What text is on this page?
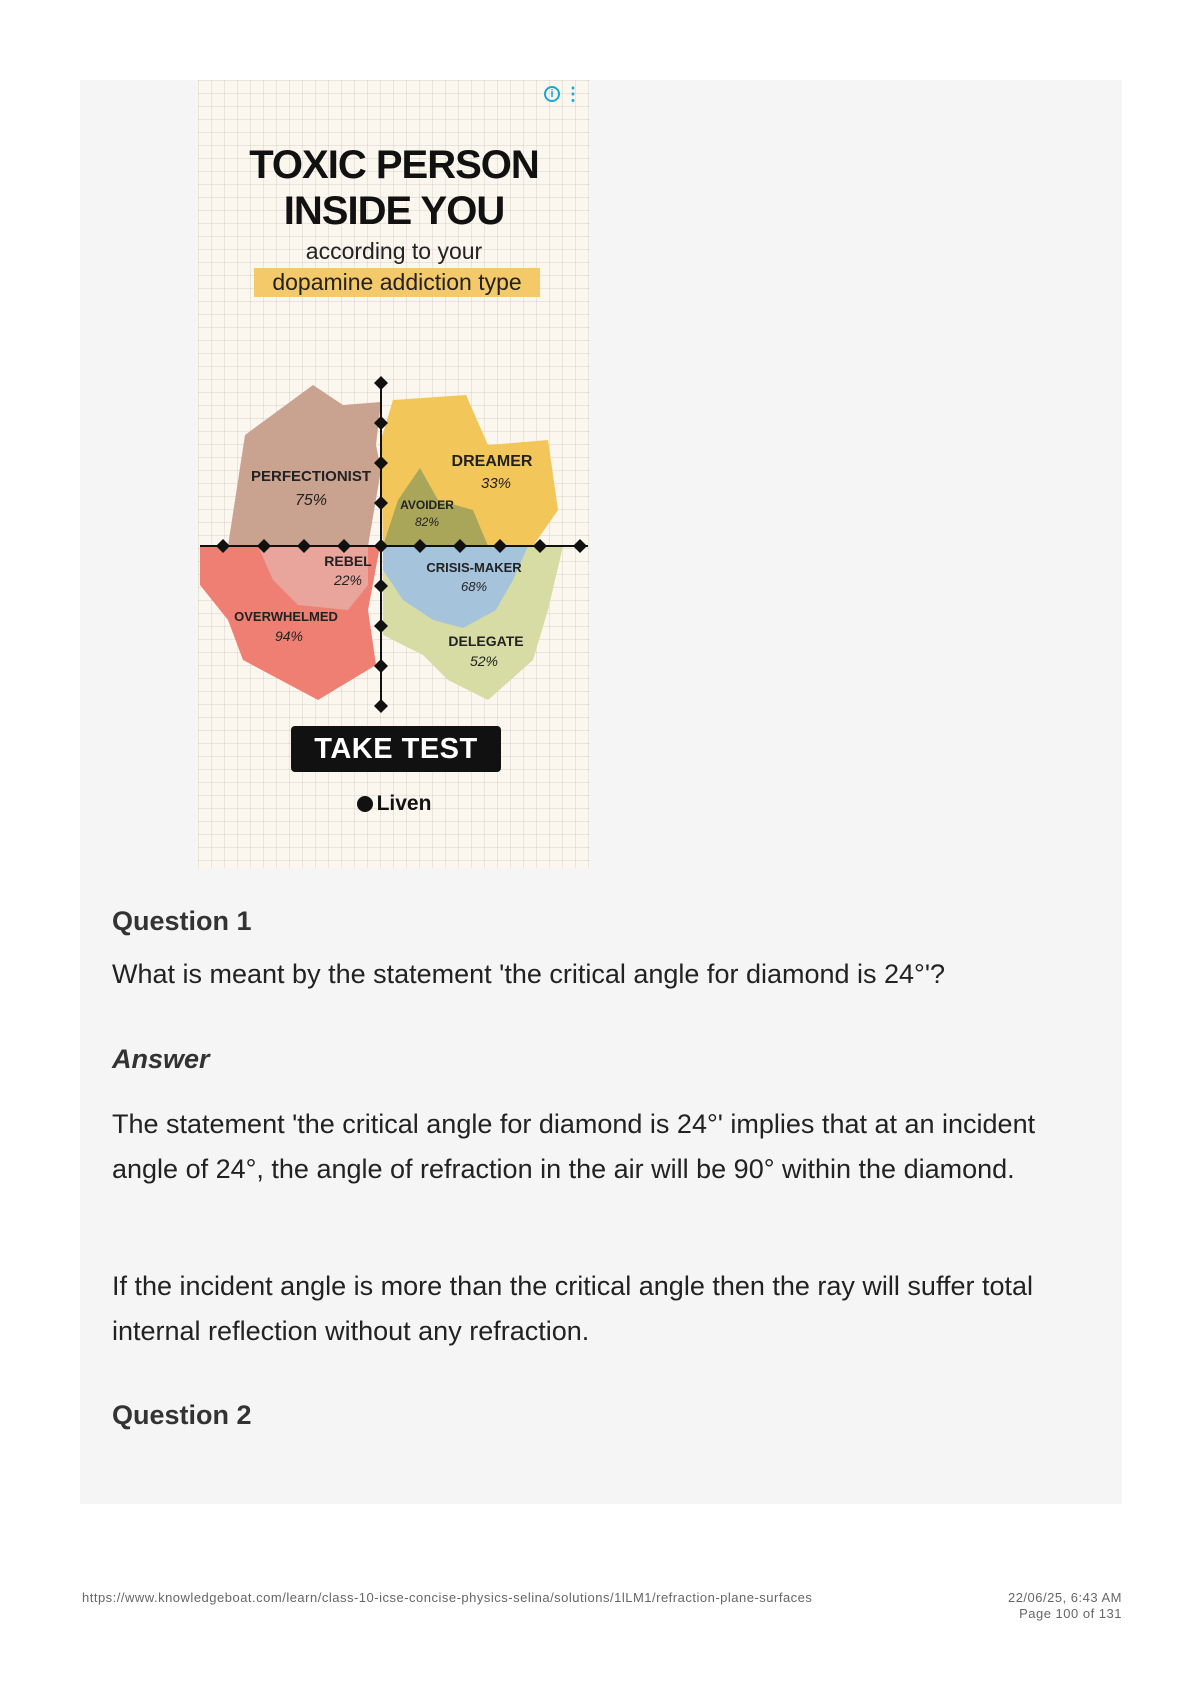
i ⋮
TOXIC PERSON
INSIDE YOU
according to your
dopamine addiction type
PERFECTIONIST
75%
DREAMER
33%
AVOIDER
82%
REBEL
22%
CRISIS-MAKER
68%
OVERWHELMED
94%	DELEGATE
52%
TAKE TEST
Liven
Question 1
What is meant by the statement 'the critical angle for diamond is 24°'?
Answer
The statement 'the critical angle for diamond is 24°' implies that at an incident angle of 24°, the angle of refraction in the air will be 90° within the diamond.
If the incident angle is more than the critical angle then the ray will suffer total internal reflection without any refraction.
Question 2
https://www.knowledgeboat.com/learn/class-10-icse-concise-physics-selina/solutions/1lLM1/refraction-plane-surfaces	22/06/25, 6:43 AM
Page 100 of 131
